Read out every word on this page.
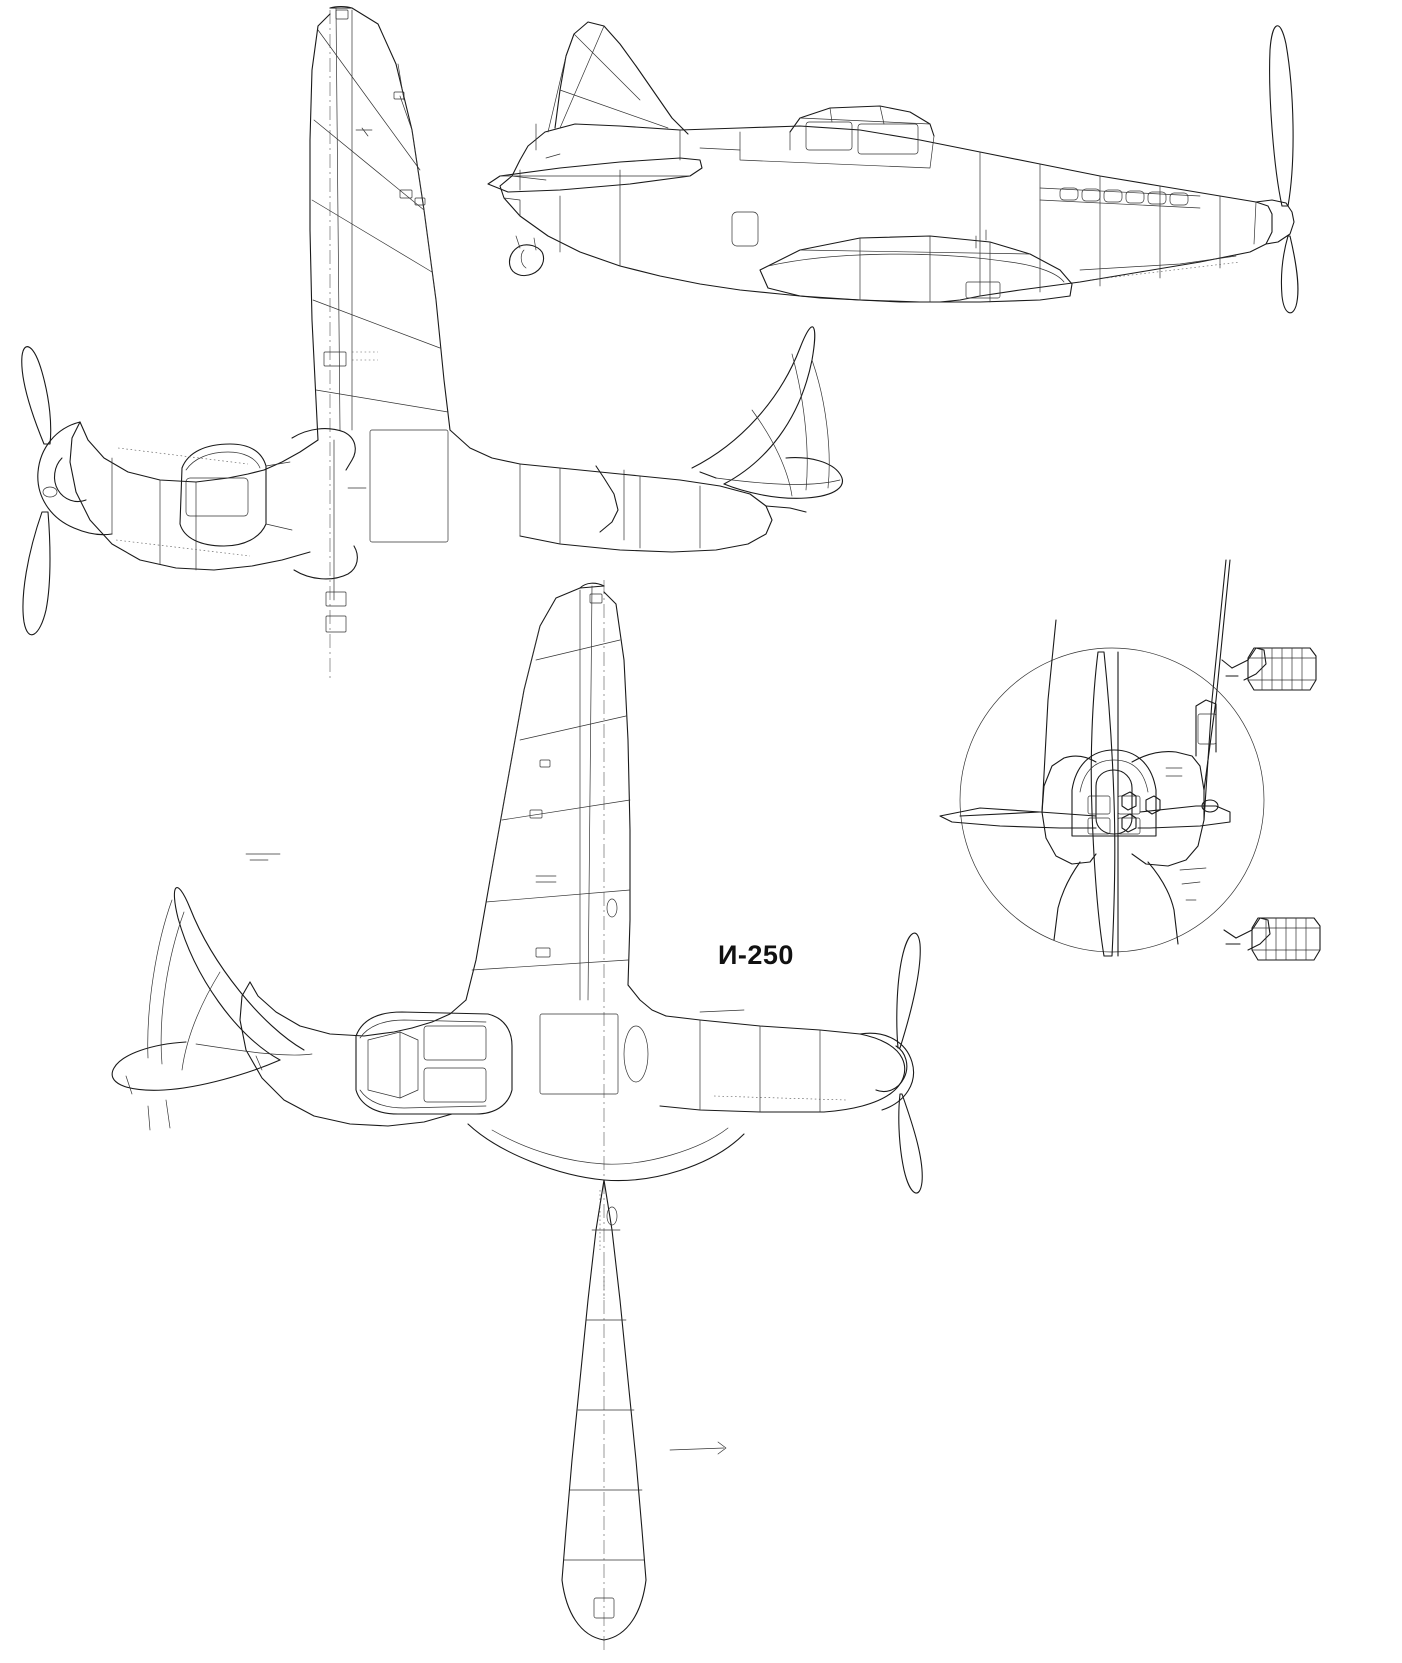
И-250
